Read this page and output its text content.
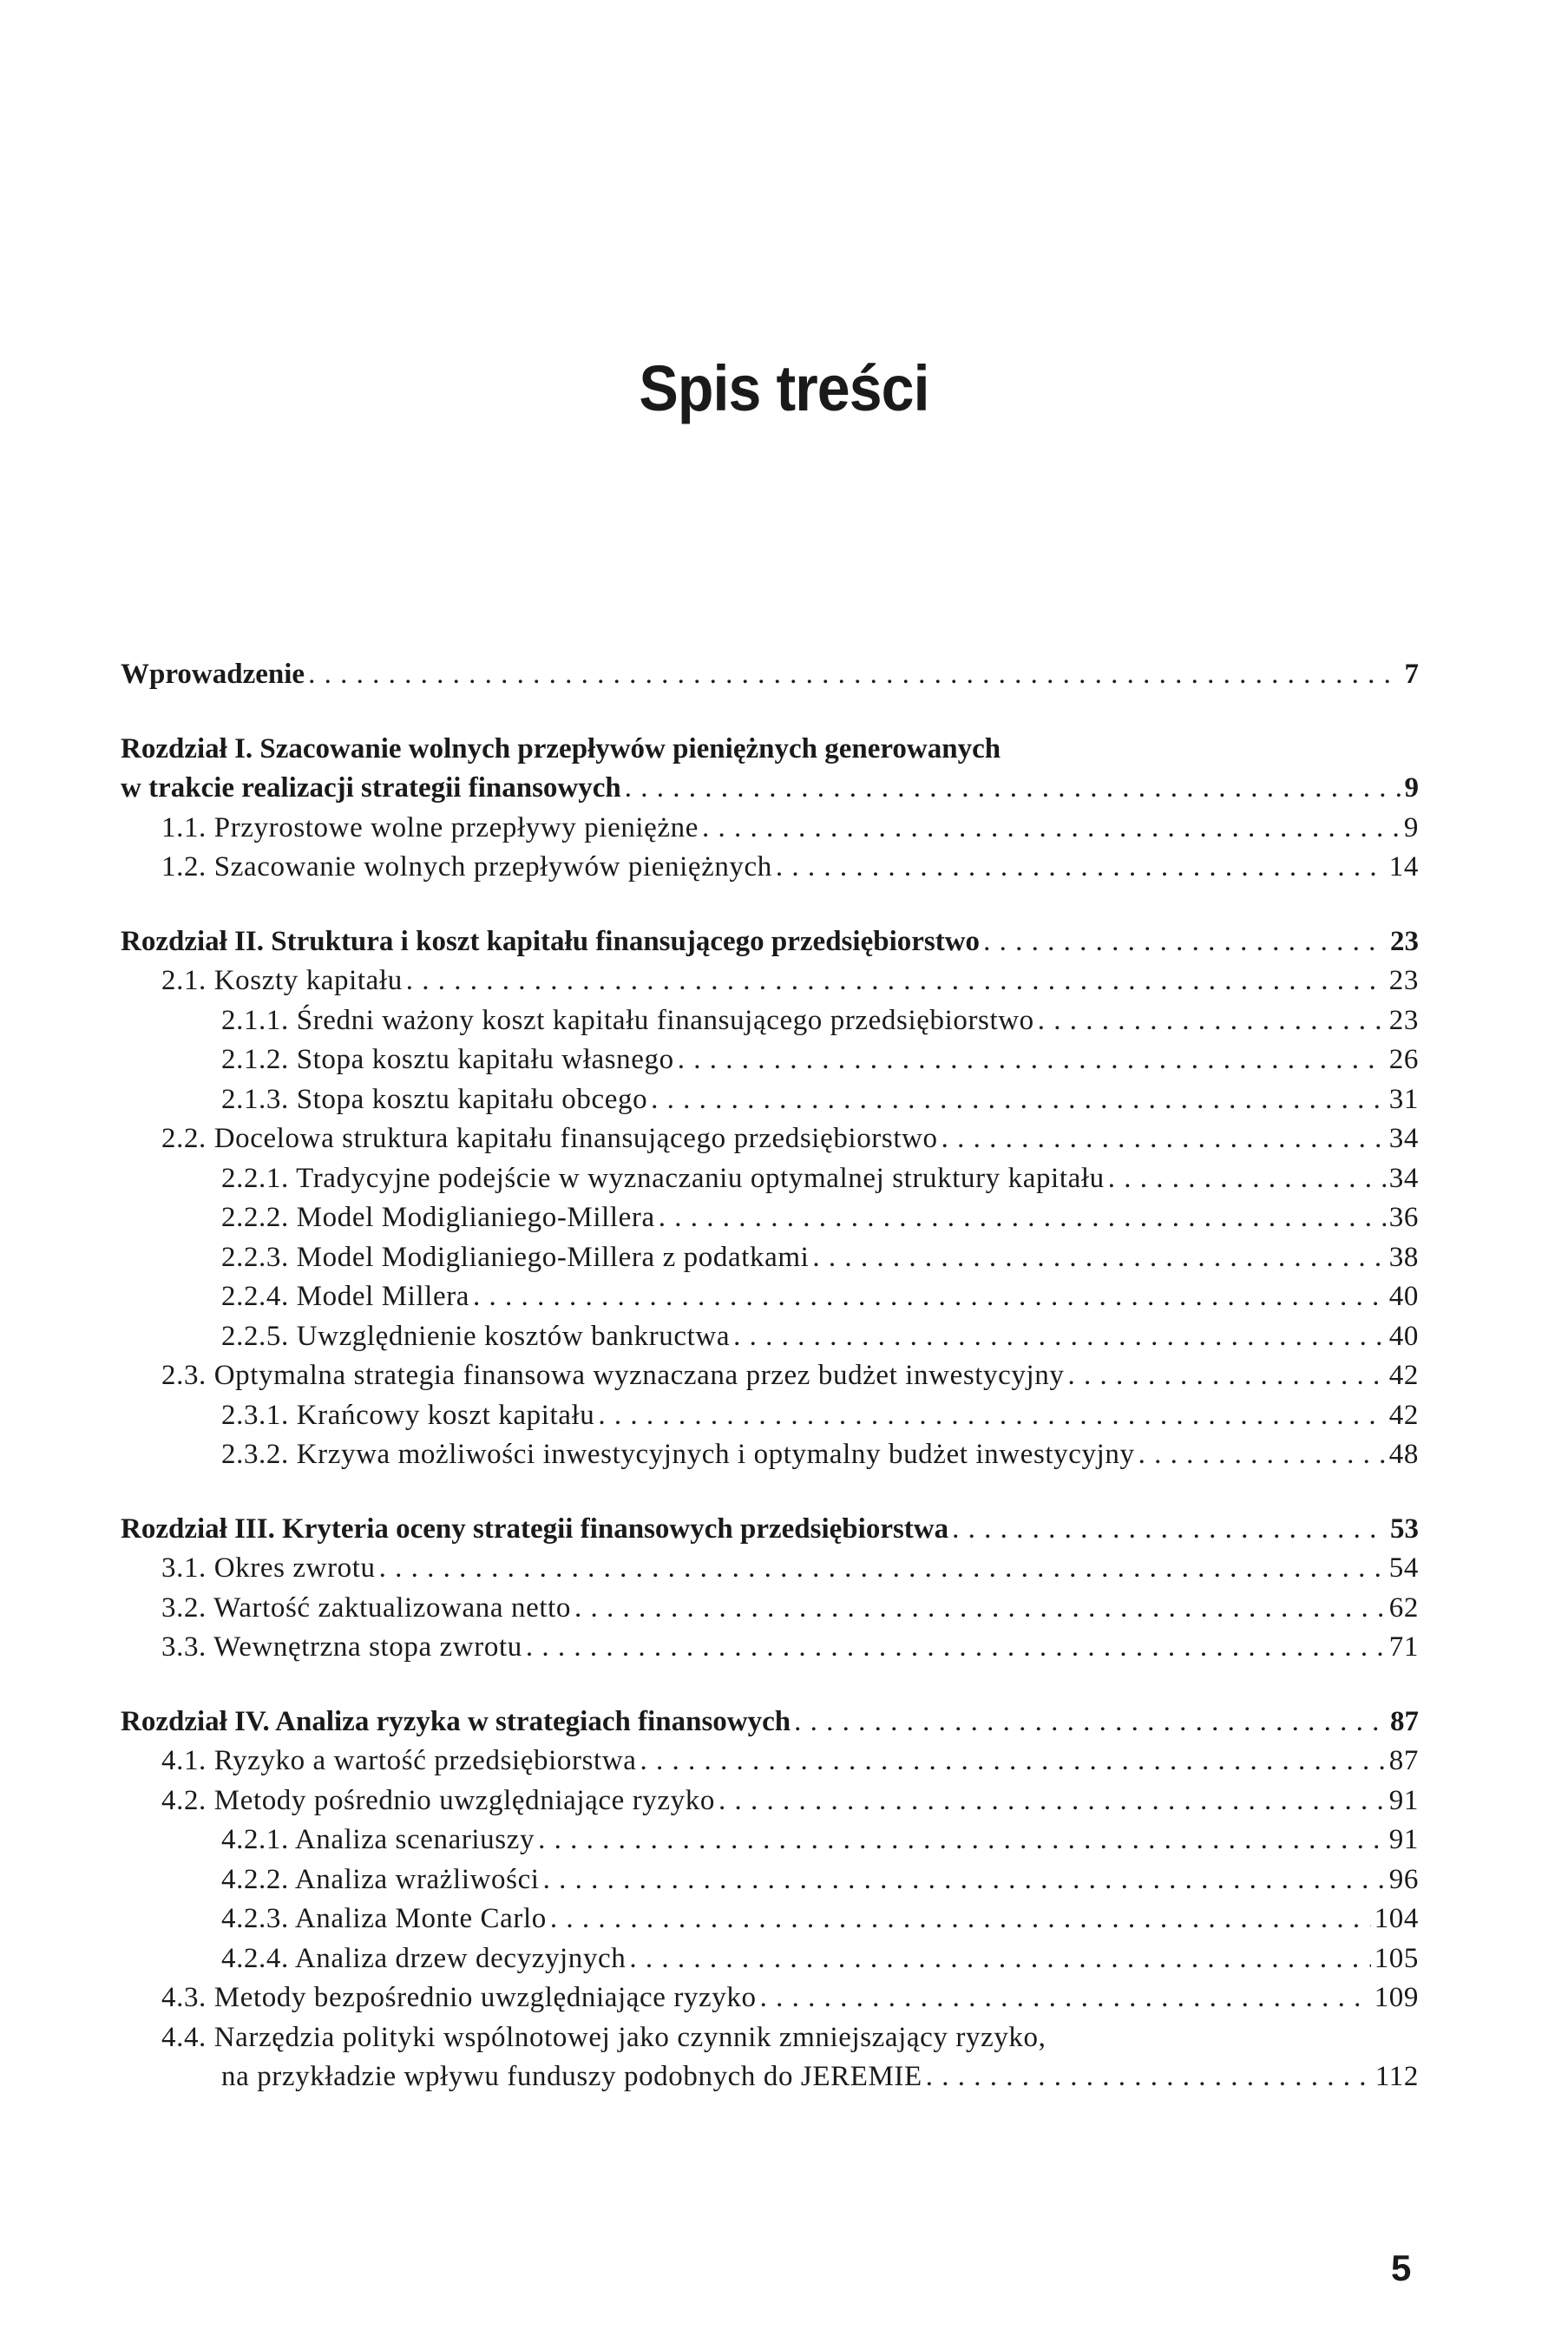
Spis treści
Wprowadzenie . . .	7
Rozdział I. Szacowanie wolnych przepływów pieniężnych generowanych
w trakcie realizacji strategii finansowych . . .	9
1.1. Przyrostowe wolne przepływy pieniężne . . .	9
1.2. Szacowanie wolnych przepływów pieniężnych . . .	14
Rozdział II. Struktura i koszt kapitału finansującego przedsiębiorstwo . . .	23
2.1. Koszty kapitału . . .	23
2.1.1. Średni ważony koszt kapitału finansującego przedsiębiorstwo . . .	23
2.1.2. Stopa kosztu kapitału własnego . . .	26
2.1.3. Stopa kosztu kapitału obcego . . .	31
2.2. Docelowa struktura kapitału finansującego przedsiębiorstwo . . .	34
2.2.1. Tradycyjne podejście w wyznaczaniu optymalnej struktury kapitału . . .	34
2.2.2. Model Modiglianiego-Millera . . .	36
2.2.3. Model Modiglianiego-Millera z podatkami . . .	38
2.2.4. Model Millera . . .	40
2.2.5. Uwzględnienie kosztów bankructwa . . .	40
2.3. Optymalna strategia finansowa wyznaczana przez budżet inwestycyjny . . .	42
2.3.1. Krańcowy koszt kapitału . . .	42
2.3.2. Krzywa możliwości inwestycyjnych i optymalny budżet inwestycyjny . . .	48
Rozdział III. Kryteria oceny strategii finansowych przedsiębiorstwa . . .	53
3.1. Okres zwrotu . . .	54
3.2. Wartość zaktualizowana netto . . .	62
3.3. Wewnętrzna stopa zwrotu . . .	71
Rozdział IV. Analiza ryzyka w strategiach finansowych . . .	87
4.1. Ryzyko a wartość przedsiębiorstwa . . .	87
4.2. Metody pośrednio uwzględniające ryzyko . . .	91
4.2.1. Analiza scenariuszy . . .	91
4.2.2. Analiza wrażliwości . . .	96
4.2.3. Analiza Monte Carlo . . .	104
4.2.4. Analiza drzew decyzyjnych . . .	105
4.3. Metody bezpośrednio uwzględniające ryzyko . . .	109
4.4. Narzędzia polityki wspólnotowej jako czynnik zmniejszający ryzyko,
na przykładzie wpływu funduszy podobnych do JEREMIE . . .	112
5
